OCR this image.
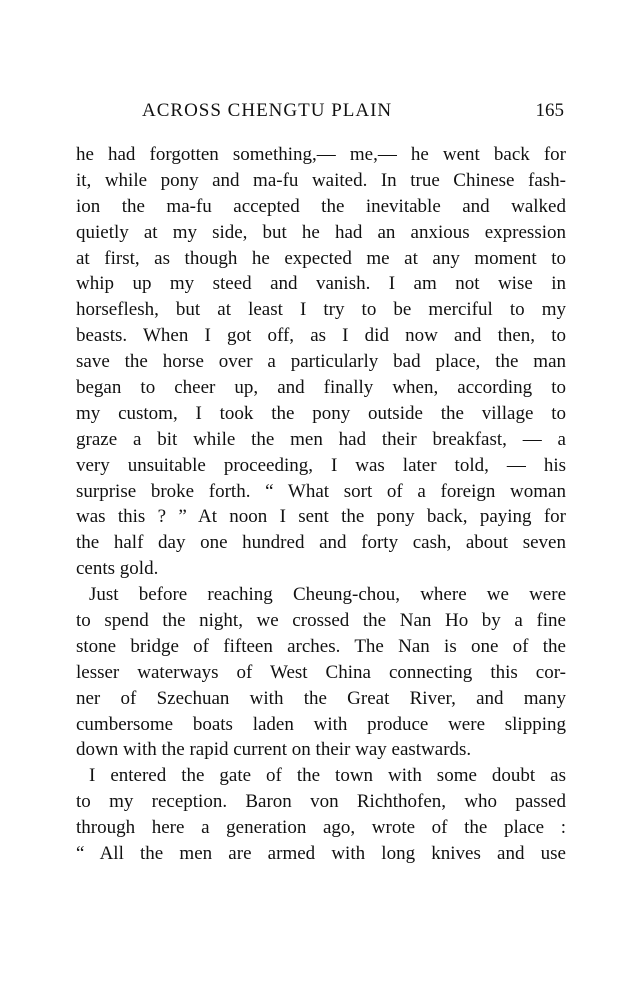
ACROSS CHENGTU PLAIN	165
he had forgotten something,— me,— he went back for
it, while pony and ma-fu waited. In true Chinese fash-
ion the ma-fu accepted the inevitable and walked
quietly at my side, but he had an anxious expression
at first, as though he expected me at any moment to
whip up my steed and vanish. I am not wise in
horseflesh, but at least I try to be merciful to my
beasts. When I got off, as I did now and then, to
save the horse over a particularly bad place, the man
began to cheer up, and finally when, according to
my custom, I took the pony outside the village to
graze a bit while the men had their breakfast, — a
very unsuitable proceeding, I was later told, — his
surprise broke forth. “ What sort of a foreign woman
was this ? ” At noon I sent the pony back, paying for
the half day one hundred and forty cash, about seven
cents gold.
Just before reaching Cheung-chou, where we were
to spend the night, we crossed the Nan Ho by a fine
stone bridge of fifteen arches. The Nan is one of the
lesser waterways of West China connecting this cor-
ner of Szechuan with the Great River, and many
cumbersome boats laden with produce were slipping
down with the rapid current on their way eastwards.
I entered the gate of the town with some doubt as
to my reception. Baron von Richthofen, who passed
through here a generation ago, wrote of the place :
“ All the men are armed with long knives and use
